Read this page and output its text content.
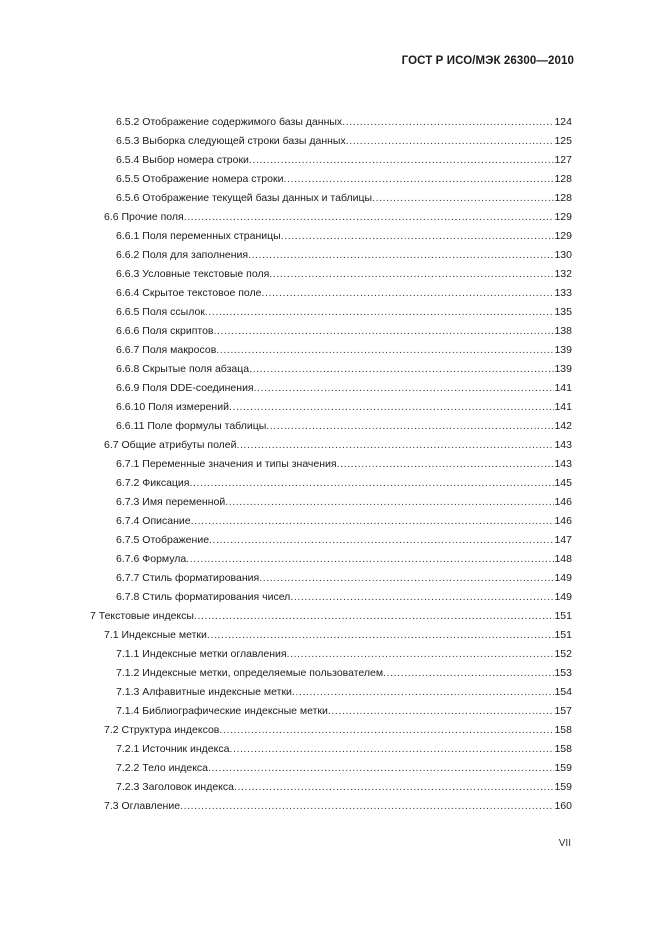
ГОСТ Р ИСО/МЭК 26300—2010
6.5.2 Отображение содержимого базы данных .....	124
6.5.3 Выборка следующей строки базы данных .....	125
6.5.4 Выбор номера строки .....	127
6.5.5 Отображение номера строки .....	128
6.5.6 Отображение текущей базы данных и таблицы .....	128
6.6 Прочие поля .....	129
6.6.1 Поля переменных страницы .....	129
6.6.2 Поля для заполнения .....	130
6.6.3 Условные текстовые поля .....	132
6.6.4 Скрытое текстовое поле .....	133
6.6.5 Поля ссылок .....	135
6.6.6 Поля скриптов .....	138
6.6.7 Поля макросов .....	139
6.6.8 Скрытые поля абзаца .....	139
6.6.9 Поля DDE-соединения .....	141
6.6.10 Поля измерений .....	141
6.6.11 Поле формулы таблицы .....	142
6.7 Общие атрибуты полей .....	143
6.7.1 Переменные значения и типы значения .....	143
6.7.2 Фиксация .....	145
6.7.3 Имя переменной .....	146
6.7.4 Описание .....	146
6.7.5 Отображение .....	147
6.7.6 Формула .....	148
6.7.7 Стиль форматирования .....	149
6.7.8 Стиль форматирования чисел .....	149
7 Текстовые индексы .....	151
7.1 Индексные метки .....	151
7.1.1 Индексные метки оглавления .....	152
7.1.2 Индексные метки, определяемые пользователем .....	153
7.1.3 Алфавитные индексные метки .....	154
7.1.4 Библиографические индексные метки .....	157
7.2 Структура индексов .....	158
7.2.1 Источник индекса .....	158
7.2.2 Тело индекса .....	159
7.2.3 Заголовок индекса .....	159
7.3 Оглавление .....	160
VII
